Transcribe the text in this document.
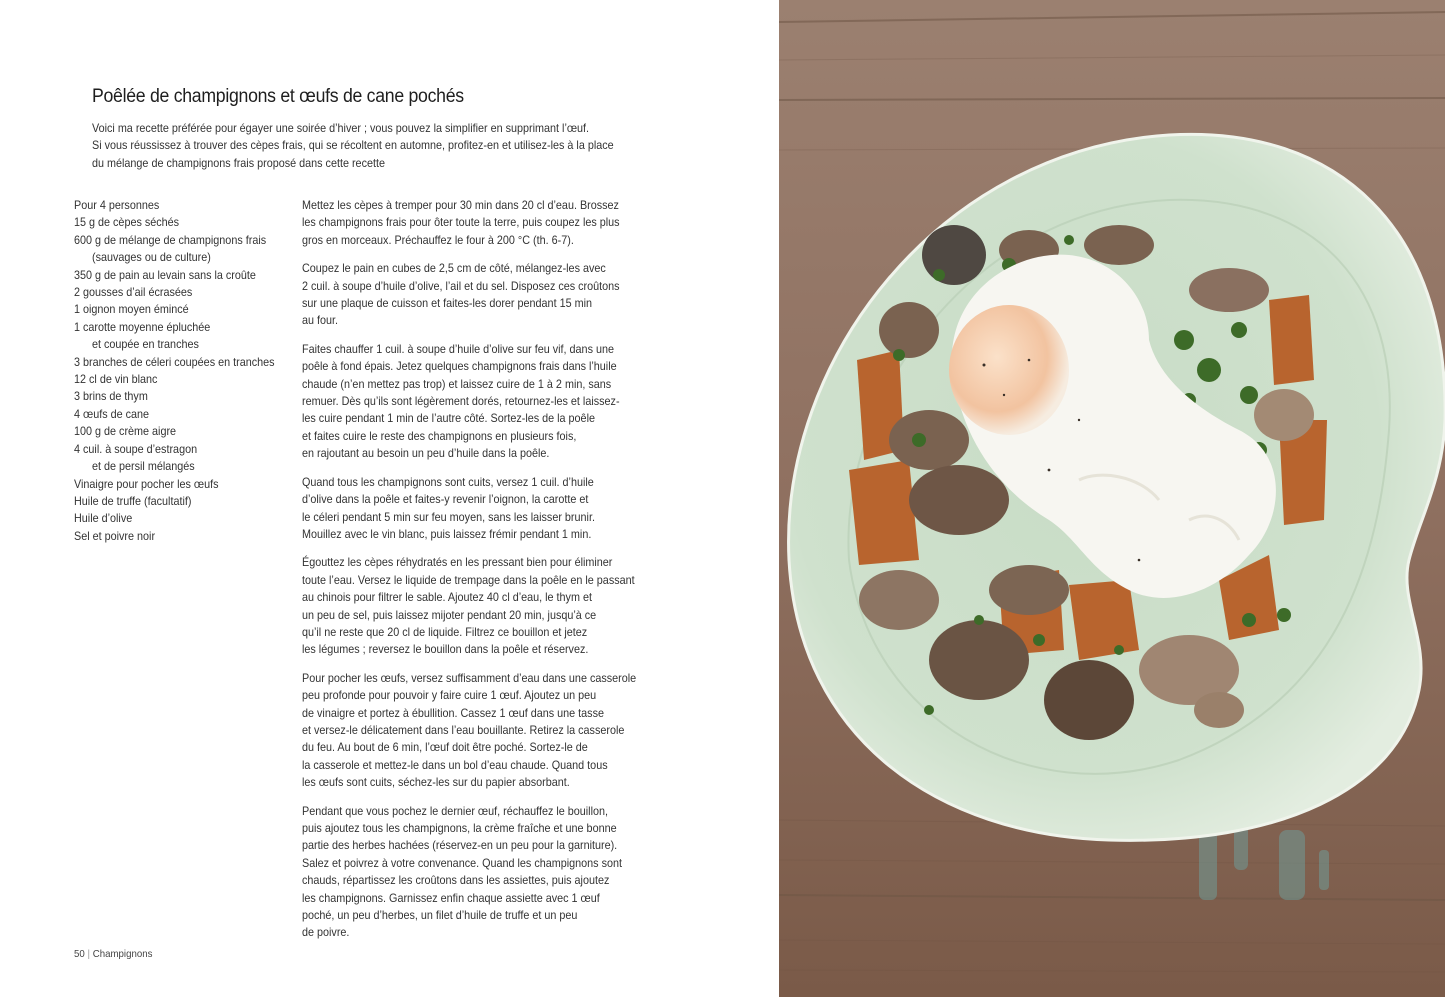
Poêlée de champignons et œufs de cane pochés

Voici ma recette préférée pour égayer une soirée d’hiver ; vous pouvez la simplifier en supprimant l’œuf.

Si vous réussissez à trouver des cèpes frais, qui se récoltent en automne, profitez-en et utilisez-les à la place

du mélange de champignons frais proposé dans cette recette

Pour 4 personnes
15 g de cèpes séchés
600 g de mélange de champignons frais
(sauvages ou de culture)
350 g de pain au levain sans la croûte
2 gousses d’ail écrasées
1 oignon moyen émincé
1 carotte moyenne épluchée
et coupée en tranches
3 branches de céleri coupées en tranches
12 cl de vin blanc
3 brins de thym
4 œufs de cane
100 g de crème aigre
4 cuil. à soupe d’estragon
et de persil mélangés
Vinaigre pour pocher les œufs
Huile de truffe (facultatif)
Huile d’olive
Sel et poivre noir
Mettez les cèpes à tremper pour 30 min dans 20 cl d’eau. Brossez
les champignons frais pour ôter toute la terre, puis coupez les plus
gros en morceaux. Préchauffez le four à 200 °C (th. 6-7).
Coupez le pain en cubes de 2,5 cm de côté, mélangez-les avec
2 cuil. à soupe d’huile d’olive, l’ail et du sel. Disposez ces croûtons
sur une plaque de cuisson et faites-les dorer pendant 15 min
au four.
Faites chauffer 1 cuil. à soupe d’huile d’olive sur feu vif, dans une
poêle à fond épais. Jetez quelques champignons frais dans l’huile
chaude (n’en mettez pas trop) et laissez cuire de 1 à 2 min, sans
remuer. Dès qu’ils sont légèrement dorés, retournez-les et laissez-
les cuire pendant 1 min de l’autre côté. Sortez-les de la poêle
et faites cuire le reste des champignons en plusieurs fois,
en rajoutant au besoin un peu d’huile dans la poêle.
Quand tous les champignons sont cuits, versez 1 cuil. d’huile
d’olive dans la poêle et faites-y revenir l’oignon, la carotte et
le céleri pendant 5 min sur feu moyen, sans les laisser brunir.
Mouillez avec le vin blanc, puis laissez frémir pendant 1 min.
Égouttez les cèpes réhydratés en les pressant bien pour éliminer
toute l’eau. Versez le liquide de trempage dans la poêle en le passant
au chinois pour filtrer le sable. Ajoutez 40 cl d’eau, le thym et
un peu de sel, puis laissez mijoter pendant 20 min, jusqu’à ce
qu’il ne reste que 20 cl de liquide. Filtrez ce bouillon et jetez
les légumes ; reversez le bouillon dans la poêle et réservez.
Pour pocher les œufs, versez suffisamment d’eau dans une casserole
peu profonde pour pouvoir y faire cuire 1 œuf. Ajoutez un peu
de vinaigre et portez à ébullition. Cassez 1 œuf dans une tasse
et versez-le délicatement dans l’eau bouillante. Retirez la casserole
du feu. Au bout de 6 min, l’œuf doit être poché. Sortez-le de
la casserole et mettez-le dans un bol d’eau chaude. Quand tous
les œufs sont cuits, séchez-les sur du papier absorbant.
Pendant que vous pochez le dernier œuf, réchauffez le bouillon,
puis ajoutez tous les champignons, la crème fraîche et une bonne
partie des herbes hachées (réservez-en un peu pour la garniture).
Salez et poivrez à votre convenance. Quand les champignons sont
chauds, répartissez les croûtons dans les assiettes, puis ajoutez
les champignons. Garnissez enfin chaque assiette avec 1 œuf
poché, un peu d’herbes, un filet d’huile de truffe et un peu
de poivre.
50 | Champignons
